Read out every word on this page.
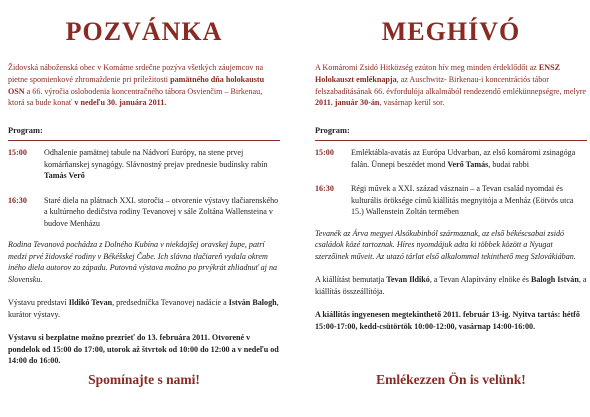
POZVÁNKA
Židovská náboženská obec v Komárne srdečne pozýva všetkých záujemcov na pietne spomienkové zhromaždenie pri príležitosti pamätného dňa holokaustu OSN a 66. výročia oslobodenia koncentračného tábora Osvienčim – Birkenau, ktorá sa bude konať v nedeľu 30. januára 2011.
Program:
15:00	Odhalenie pamätnej tabule na Nádvorí Európy, na stene prvej komárňanskej synagógy. Slávnostný prejav prednesie budínsky rabín Tamás Verő
16:30	Staré diela na plátnach XXI. storočia – otvorenie výstavy tlačiarenského a kultúrneho dedičstva rodiny Tevanovej v sále Zoltána Wallensteina v budove Menházu
Rodina Tevanová pochádza z Dolného Kubína v niekdajšej oravskej župe, patrí medzi prvé židovské rodiny v Békéšskej Čabe. Ich slávna tlačiareň vydala okrem iného diela autorov zo západu. Putovná výstava možno po prvýkrát zhliadnuť aj na Slovensku.
Výstavu predstaví Ildikó Tevan, predsedníčka Tevanovej nadácie a István Balogh, kurátor výstavy.
Výstavu si bezplatne možno prezrieť do 13. februára 2011. Otvorené v pondelok od 15:00 do 17:00, utorok až štvrtok od 10:00 do 12:00 a v nedeľu od 14:00 do 16:00.
MEGHÍVÓ
A Komáromi Zsidó Hitközség ezúton hív meg minden érdeklődőt az ENSZ Holokauszt emléknapja, az Auschwitz- Birkenau-i koncentrációs tábor felszabadításának 66. évfordulója alkalmából rendezendő emlékünnepségre, melyre 2011. január 30-án, vasárnap kerül sor.
Program:
15:00	Emléktábla-avatás az Európa Udvarban, az első komáromi zsinagóga falán. Ünnepi beszédet mond Verő Tamás, budai rabbi
16:30	Régi művek a XXI. század vásznain – a Tevan család nyomdai és kulturális öröksége című kiállítás megnyitója a Menház (Eötvös utca 15.) Wallenstein Zoltán termében
Tevanék az Árva megyei Alsókubinból származnak, az első békéscsabai zsidó családok közé tartoznak. Híres nyomdájuk adta ki többek között a Nyugat szerzőinek műveit. Az utazó tárlat első alkalommal tekinthető meg Szlovákiában.
A kiállítást bemutatja Tevan Ildikó, a Tevan Alapítvány elnöke és Balogh István, a kiállítás összeállítója.
A kiállítás ingyenesen megtekinthető 2011. február 13-ig. Nyitva tartás: hétfő 15:00-17:00, kedd-csütörtök 10:00-12:00, vasárnap 14:00-16:00.
Spomínajte s nami!	Emlékezzen Ön is velünk!
